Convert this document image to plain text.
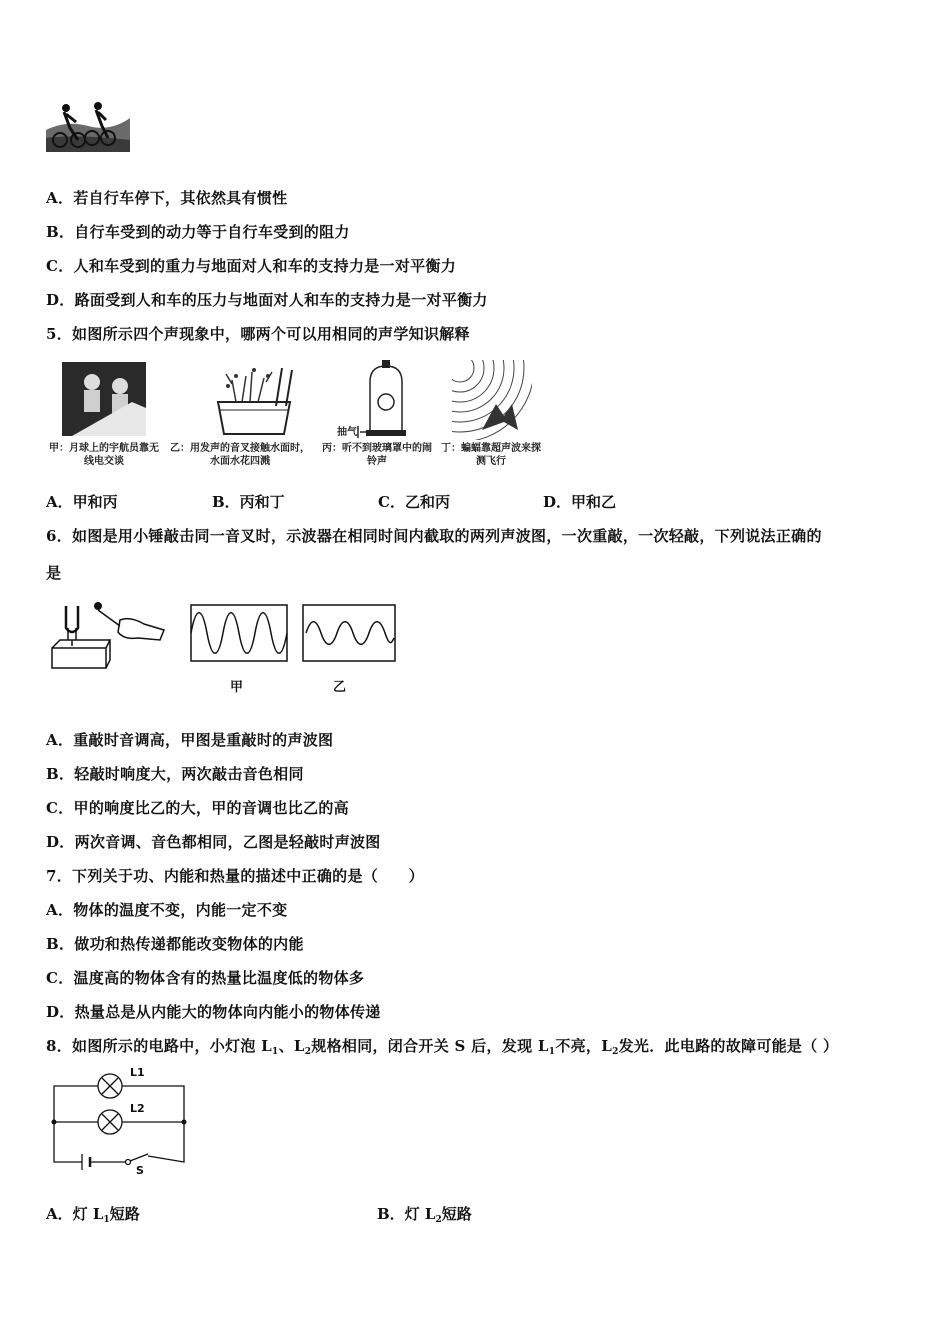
A．若自行车停下，其依然具有惯性
B．自行车受到的动力等于自行车受到的阻力
C．人和车受到的重力与地面对人和车的支持力是一对平衡力
D．路面受到人和车的压力与地面对人和车的支持力是一对平衡力
5．如图所示四个声现象中，哪两个可以用相同的声学知识解释
甲：月球上的宇航员靠无线电交谈
乙：用发声的音叉接触水面时，水面水花四溅
抽气
丙：听不到玻璃罩中的闹铃声
丁：蝙蝠靠超声波来探测飞行
A．甲和丙	B．丙和丁	C．乙和丙	D．甲和乙
6．如图是用小锤敲击同一音叉时，示波器在相同时间内截取的两列声波图，一次重敲，一次轻敲，下列说法正确的
是
甲	乙
A．重敲时音调高，甲图是重敲时的声波图
B．轻敲时响度大，两次敲击音色相同
C．甲的响度比乙的大，甲的音调也比乙的高
D．两次音调、音色都相同，乙图是轻敲时声波图
7．下列关于功、内能和热量的描述中正确的是（　　）
A．物体的温度不变，内能一定不变
B．做功和热传递都能改变物体的内能
C．温度高的物体含有的热量比温度低的物体多
D．热量总是从内能大的物体向内能小的物体传递
8．如图所示的电路中，小灯泡 $L_1$、$L_2$规格相同，闭合开关 S 后，发现 $L_1$不亮，$L_2$发光．此电路的故障可能是（ ）
L1
L2
S
A．灯 $L_1$短路	B．灯 $L_2$短路
